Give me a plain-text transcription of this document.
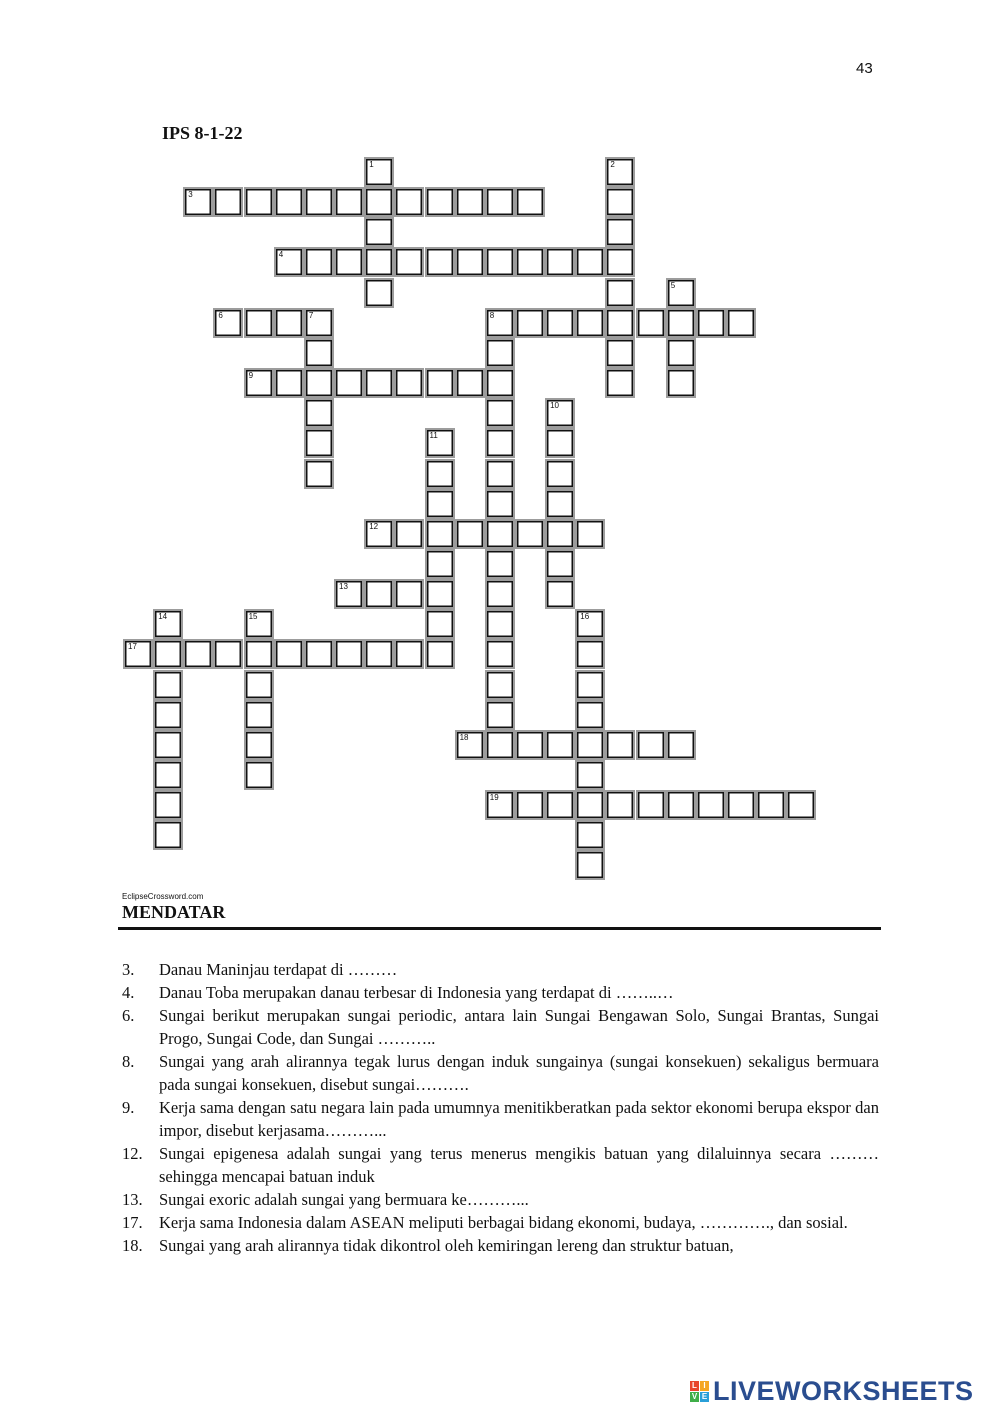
43
IPS 8-1-22
1	2
3
4
5
6	7	8
9
10
11
12
13
14	15	16
17
18
19
EclipseCrossword.com
MENDATAR
3.	Danau Maninjau terdapat di ………
4.	Danau Toba merupakan danau terbesar di Indonesia yang terdapat di ……..…
6.	Sungai berikut merupakan sungai periodic, antara lain Sungai Bengawan Solo, Sungai Brantas, Sungai Progo, Sungai Code, dan Sungai ………..
8.	Sungai yang arah alirannya tegak lurus dengan induk sungainya (sungai konsekuen) sekaligus bermuara pada sungai konsekuen, disebut sungai……….
9.	Kerja sama dengan satu negara lain pada umumnya menitikberatkan pada sektor ekonomi berupa ekspor dan impor, disebut kerjasama………...
12. Sungai epigenesa adalah sungai yang terus menerus mengikis batuan yang dilaluinnya secara ……… sehingga mencapai batuan induk
13. Sungai exoric adalah sungai yang bermuara ke………...
17. Kerja sama Indonesia dalam ASEAN meliputi berbagai bidang ekonomi, budaya, …………., dan sosial.
18. Sungai yang arah alirannya tidak dikontrol oleh kemiringan lereng dan struktur batuan,
L I
V E LIVEWORKSHEETS
